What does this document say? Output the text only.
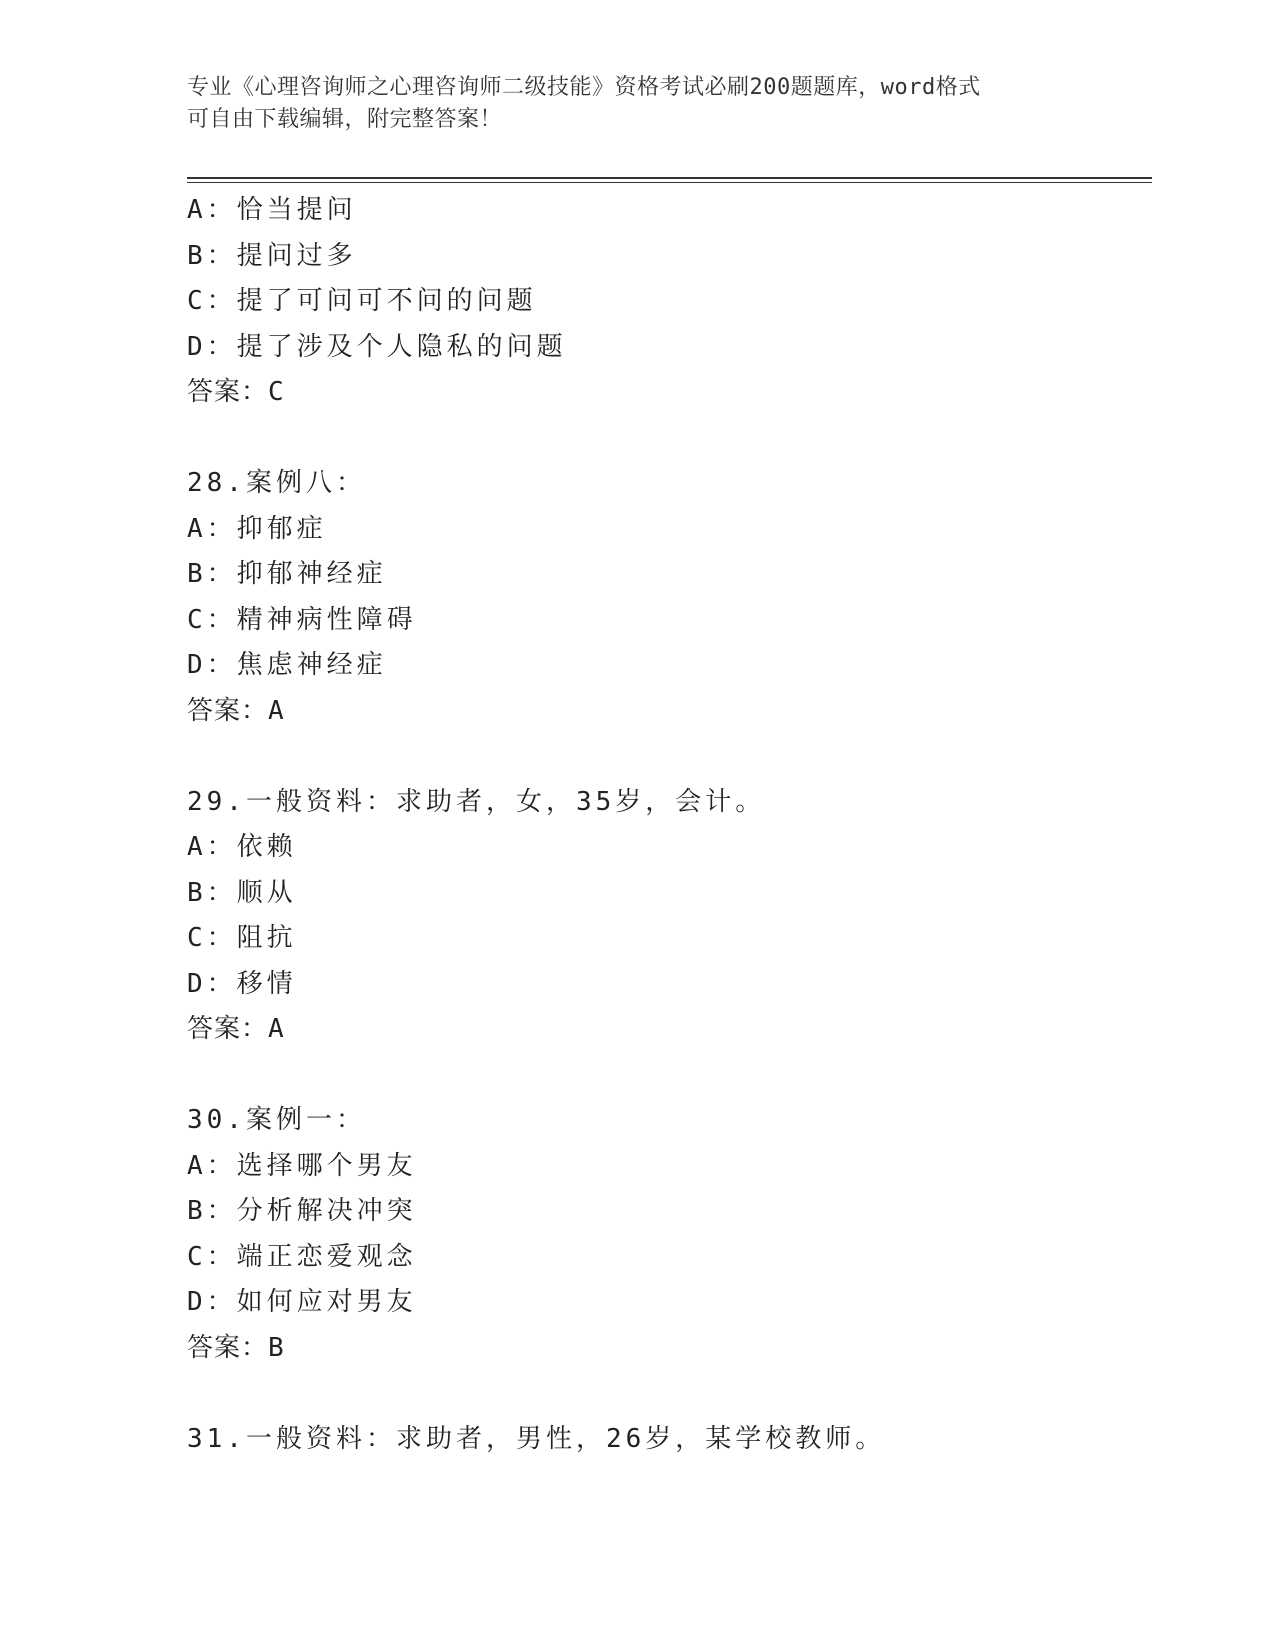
专业《心理咨询师之心理咨询师二级技能》资格考试必刷200题题库，word格式
可自由下载编辑，附完整答案！
A：恰当提问
B：提问过多
C：提了可问可不问的问题
D：提了涉及个人隐私的问题
答案：C
28.案例八：
A：抑郁症
B：抑郁神经症
C：精神病性障碍
D：焦虑神经症
答案：A
29.一般资料：求助者，女，35岁，会计。
A：依赖
B：顺从
C：阻抗
D：移情
答案：A
30.案例一：
A：选择哪个男友
B：分析解决冲突
C：端正恋爱观念
D：如何应对男友
答案：B
31.一般资料：求助者，男性，26岁，某学校教师。
